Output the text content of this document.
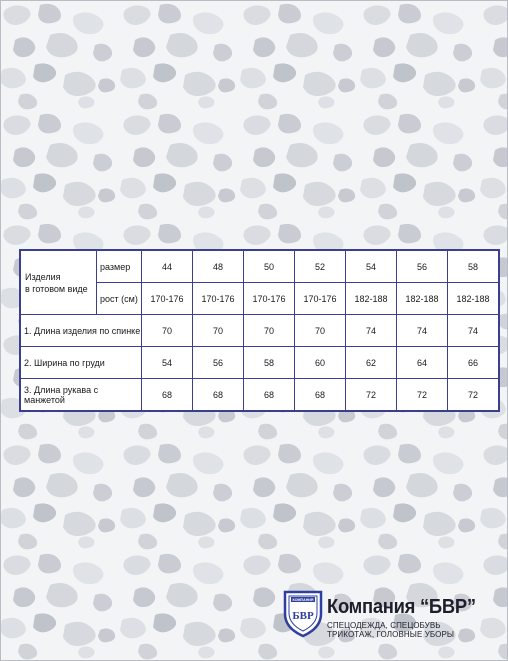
Изделия
в готовом виде	размер	44	48	50	52	54	56	58
	рост (см)	170-176	170-176	170-176	170-176	182-188	182-188	182-188
1. Длина изделия по спинке		70	70	70	70	74	74	74
2. Ширина по груди		54	56	58	60	62	64	66
3. Длина рукава с манжетой		68	68	68	68	72	72	72
КОМПАНИЯ
БВР Компания “БВР”
СПЕЦОДЕЖДА, СПЕЦОБУВЬ
ТРИКОТАЖ, ГОЛОВНЫЕ УБОРЫ
